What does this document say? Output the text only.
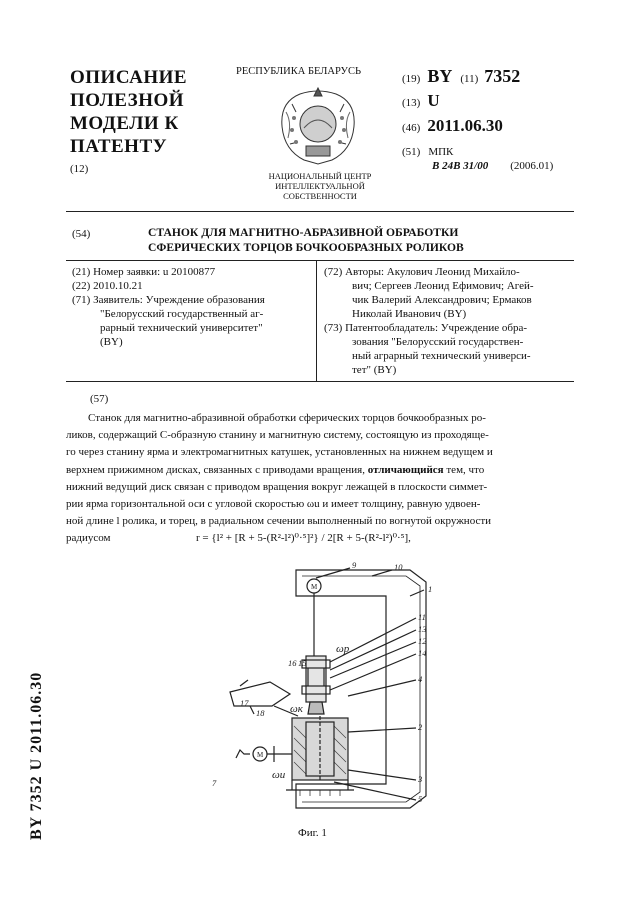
ОПИСАНИЕ
ПОЛЕЗНОЙ
МОДЕЛИ К
ПАТЕНТУ
(12)
РЕСПУБЛИКА БЕЛАРУСЬ
НАЦИОНАЛЬНЫЙ ЦЕНТР
ИНТЕЛЛЕКТУАЛЬНОЙ
СОБСТВЕННОСТИ
(19) BY (11) 7352
(13) U
(46) 2011.06.30
(51) МПК
B 24B 31/00 (2006.01)
(54)	СТАНОК ДЛЯ МАГНИТНО-АБРАЗИВНОЙ ОБРАБОТКИ
СФЕРИЧЕСКИХ ТОРЦОВ БОЧКООБРАЗНЫХ РОЛИКОВ

(21) Номер заявки: u 20100877

(22) 2010.10.21

(71) Заявитель: Учреждение образования

"Белорусский государственный аг-

рарный технический университет"

(BY)

(72) Авторы: Акулович Леонид Михайло-

вич; Сергеев Леонид Ефимович; Агей-

чик Валерий Александрович; Ермаков

Николай Иванович (BY)

(73) Патентообладатель: Учреждение обра-

зования "Белорусский государствен-

ный аграрный технический универси-

тет" (BY)

(57)
Станок для магнитно-абразивной обработки сферических торцов бочкообразных ро-
ликов, содержащий С-образную станину и магнитную систему, состоящую из проходяще-
го через станину ярма и электромагнитных катушек, установленных на нижнем ведущем и
верхнем прижимном дисках, связанных с приводами вращения, отличающийся тем, что
нижний ведущий диск связан с приводом вращения вокруг лежащей в плоскости симмет-
рии ярма горизонтальной оси с угловой скоростью ωu и имеет толщину, равную удвоен-
ной длине l ролика, и торец, в радиальном сечении выполненный по вогнутой окружности
радиусом	r = {l² + [R + 5-(R²-l²)⁰·⁵]²} / 2[R + 5-(R²-l²)⁰·⁵],
9	10
1
11
13
12
14
16 15
17
18
4
2
7	3
5
ωp
ωк
ωu
M
M
Фиг. 1
BY 7352 U 2011.06.30
